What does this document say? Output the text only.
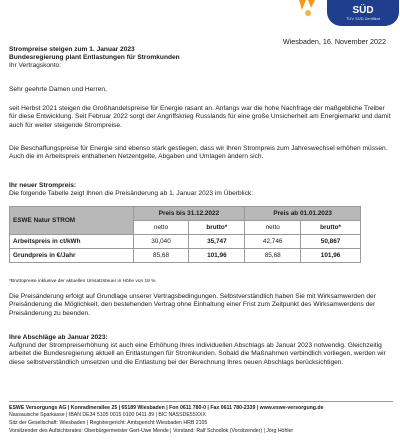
SÜD
TÜV SÜD Zertifikat
Wiesbaden, 16. November 2022
Strompreise steigen zum 1. Januar 2023
Bundesregierung plant Entlastungen für Stromkunden
Ihr Vertragskonto:
Sehr geehrte Damen und Herren,
seit Herbst 2021 steigen die Großhandelspreise für Energie rasant an. Anfangs war die hohe Nachfrage der maßgebliche Treiber für diese Entwicklung. Seit Februar 2022 sorgt der Angriffskrieg Russlands für eine große Unsicherheit am Energiemarkt und damit auch für weiter steigende Strompreise.
Die Beschaffungspreise für Energie sind ebenso stark gestiegen, dass wir Ihren Strompreis zum Jahreswechsel erhöhen müssen. Auch die im Arbeitspreis enthaltenen Netzentgelte, Abgaben und Umlagen ändern sich.
Ihr neuer Strompreis:
Die folgende Tabelle zeigt Ihnen die Preisänderung ab 1. Januar 2023 im Überblick:
ESWE Natur STROM	Preis bis 31.12.2022		Preis ab 01.01.2023	
	netto	brutto*	netto	brutto*
Arbeitspreis in ct/kWh	30,040	35,747	42,746	50,867
Grundpreis in €/Jahr	85,68	101,96	85,68	101,96
*Bruttopreise inklusive der aktuellen Umsatzsteuer in Höhe von 19 %.
Die Preisänderung erfolgt auf Grundlage unserer Vertragsbedingungen. Selbstverständlich haben Sie mit Wirksamwerden der Preisänderung die Möglichkeit, den bestehenden Vertrag ohne Einhaltung einer Frist zum Zeitpunkt des Wirksamwerdens der Preisänderung zu beenden.
Ihre Abschläge ab Januar 2023:
Aufgrund der Strompreiserhöhung ist auch eine Erhöhung Ihres individuellen Abschlags ab Januar 2023 notwendig. Gleichzeitig arbeitet die Bundesregierung aktuell an Entlastungen für Stromkunden. Sobald die Maßnahmen verbindlich vorliegen, werden wir diese selbstverständlich umsetzen und die Entlastung bei der Berechnung Ihres neuen Abschlags berücksichtigen.
ESWE Versorgungs AG | Konradinerallee 25 | 65189 Wiesbaden | Fon 0611 780-0 | Fax 0611 780-2339 | www.eswe-versorgung.de
Nassauische Sparkasse | IBAN DE34 5105 0015 0100 0411 89 | BIC NASSDE55XXX
Sitz der Gesellschaft: Wiesbaden | Registergericht: Amtsgericht Wiesbaden HRB 2105
Vorsitzender des Aufsichtsrates: Oberbürgermeister Gert-Uwe Mende | Vorstand: Ralf Schodlok (Vorsitzender) | Jörg Höhler
